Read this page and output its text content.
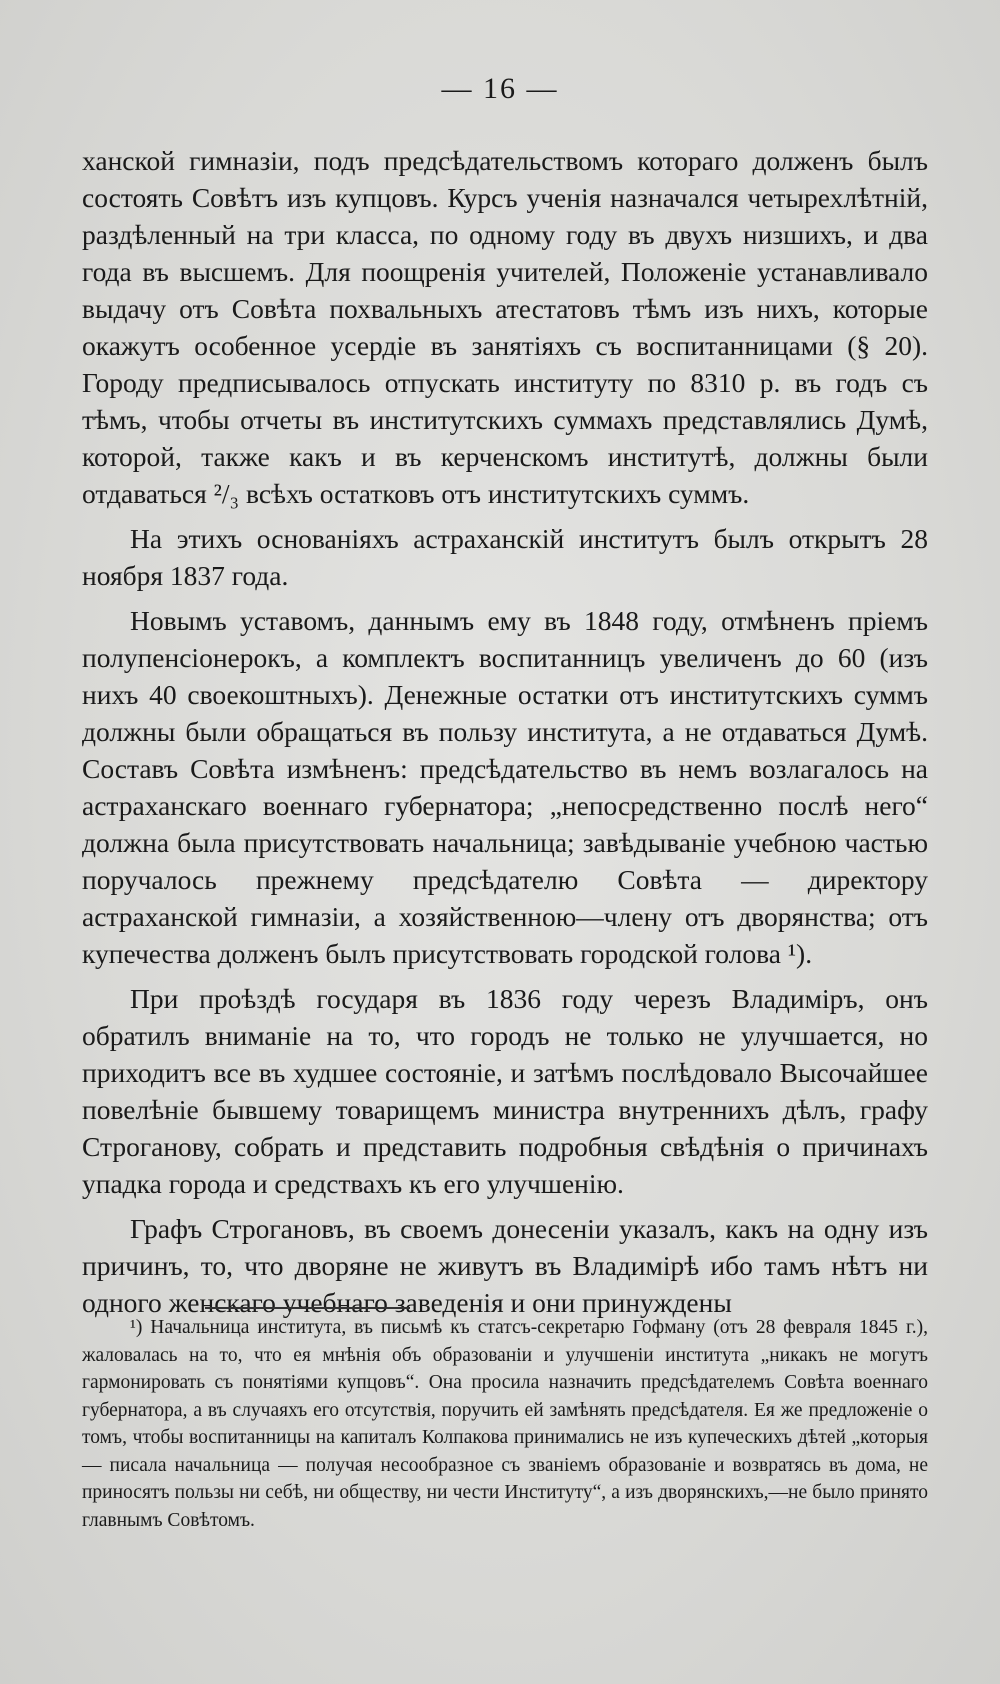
— 16 —

ханской гимназіи, подъ предсѣдательствомъ котораго долженъ былъ состоять Совѣтъ изъ купцовъ. Курсъ ученія назначался четырехлѣтній, раздѣленный на три класса, по одному году въ двухъ низшихъ, и два года въ высшемъ. Для поощренія учителей, Положеніе устанавливало выдачу отъ Совѣта похвальныхъ атестатовъ тѣмъ изъ нихъ, которые окажутъ особенное усердіе въ занятіяхъ съ воспитанницами (§ 20). Городу предписывалось отпускать институту по 8310 р. въ годъ съ тѣмъ, чтобы отчеты въ институтскихъ суммахъ представлялись Думѣ, которой, также какъ и въ керченскомъ институтѣ, должны были отдаваться ²/₃ всѣхъ остатковъ отъ институтскихъ суммъ.

На этихъ основаніяхъ астраханскій институтъ былъ открытъ 28 ноября 1837 года.

Новымъ уставомъ, даннымъ ему въ 1848 году, отмѣненъ пріемъ полупенсіонерокъ, а комплектъ воспитанницъ увеличенъ до 60 (изъ нихъ 40 своекоштныхъ). Денежные остатки отъ институтскихъ суммъ должны были обращаться въ пользу института, а не отдаваться Думѣ. Составъ Совѣта измѣненъ: предсѣдательство въ немъ возлагалось на астраханскаго военнаго губернатора; „непосредственно послѣ него“ должна была присутствовать начальница; завѣдываніе учебною частью поручалось прежнему предсѣдателю Совѣта — директору астраханской гимназіи, а хозяйственною—члену отъ дворянства; отъ купечества долженъ былъ присутствовать городской голова ¹).

При проѣздѣ государя въ 1836 году черезъ Владиміръ, онъ обратилъ вниманіе на то, что городъ не только не улучшается, но приходитъ все въ худшее состояніе, и затѣмъ послѣдовало Высочайшее повелѣніе бывшему товарищемъ министра внутреннихъ дѣлъ, графу Строганову, собрать и представить подробныя свѣдѣнія о причинахъ упадка города и средствахъ къ его улучшенію.

Графъ Строгановъ, въ своемъ донесеніи указалъ, какъ на одну изъ причинъ, то, что дворяне не живутъ въ Владимірѣ ибо тамъ нѣтъ ни одного женскаго учебнаго заведенія и они принуждены

¹) Начальница института, въ письмѣ къ статсъ-секретарю Гофману (отъ 28 февраля 1845 г.), жаловалась на то, что ея мнѣнія объ образованіи и улучшеніи института „никакъ не могутъ гармонировать съ понятіями купцовъ“. Она просила назначить предсѣдателемъ Совѣта военнаго губернатора, а въ случаяхъ его отсутствія, поручить ей замѣнять предсѣдателя. Ея же предложеніе о томъ, чтобы воспитанницы на капиталъ Колпакова принимались не изъ купеческихъ дѣтей „которыя — писала начальница — получая несообразное съ званіемъ образованіе и возвратясь въ дома, не приносятъ пользы ни себѣ, ни обществу, ни чести Институту“, а изъ дворянскихъ,—не было принято главнымъ Совѣтомъ.
